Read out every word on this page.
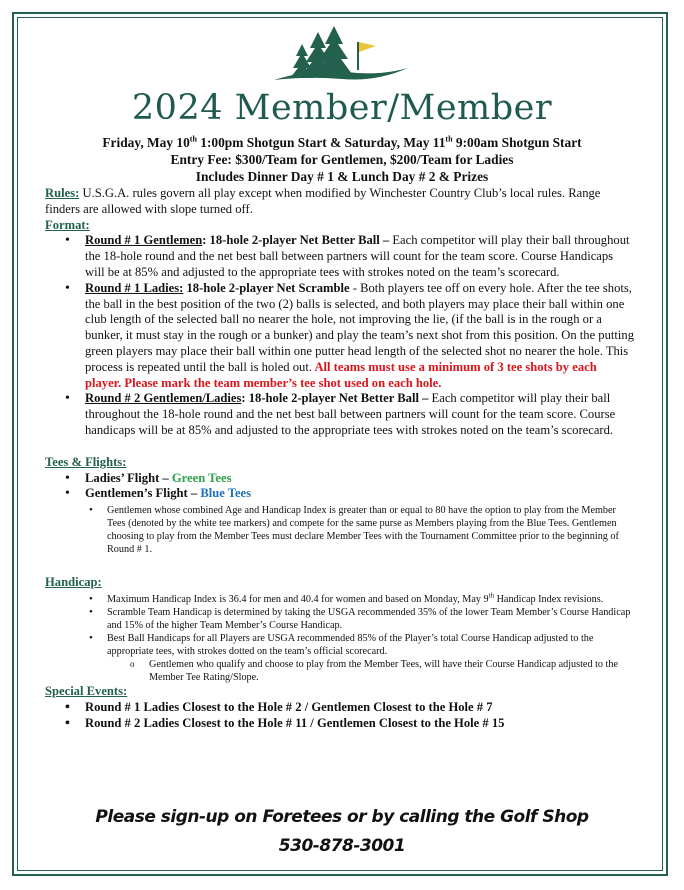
2024 Member/Member
Friday, May 10th 1:00pm Shotgun Start & Saturday, May 11th 9:00am Shotgun Start
Entry Fee: $300/Team for Gentlemen, $200/Team for Ladies
Includes Dinner Day # 1 & Lunch Day # 2 & Prizes
Rules: U.S.G.A. rules govern all play except when modified by Winchester Country Club’s local rules. Range finders are allowed with slope turned off.
Format:
• Round # 1 Gentlemen: 18-hole 2-player Net Better Ball – Each competitor will play their ball throughout the 18-hole round and the net best ball between partners will count for the team score. Course Handicaps will be at 85% and adjusted to the appropriate tees with strokes noted on the team’s scorecard.
• Round # 1 Ladies: 18-hole 2-player Net Scramble - Both players tee off on every hole. After the tee shots, the ball in the best position of the two (2) balls is selected, and both players may place their ball within one club length of the selected ball no nearer the hole, not improving the lie, (if the ball is in the rough or a bunker, it must stay in the rough or a bunker) and play the team’s next shot from this position. On the putting green players may place their ball within one putter head length of the selected shot no nearer the hole. This process is repeated until the ball is holed out. All teams must use a minimum of 3 tee shots by each player. Please mark the team member’s tee shot used on each hole.
• Round # 2 Gentlemen/Ladies: 18-hole 2-player Net Better Ball – Each competitor will play their ball throughout the 18-hole round and the net best ball between partners will count for the team score. Course handicaps will be at 85% and adjusted to the appropriate tees with strokes noted on the team’s scorecard.
Tees & Flights:
• Ladies’ Flight – Green Tees
• Gentlemen’s Flight – Blue Tees
• Gentlemen whose combined Age and Handicap Index is greater than or equal to 80 have the option to play from the Member Tees (denoted by the white tee markers) and compete for the same purse as Members playing from the Blue Tees. Gentlemen choosing to play from the Member Tees must declare Member Tees with the Tournament Committee prior to the beginning of Round # 1.
Handicap:
• Maximum Handicap Index is 36.4 for men and 40.4 for women and based on Monday, May 9th Handicap Index revisions.
• Scramble Team Handicap is determined by taking the USGA recommended 35% of the lower Team Member’s Course Handicap and 15% of the higher Team Member’s Course Handicap.
• Best Ball Handicaps for all Players are USGA recommended 85% of the Player’s total Course Handicap adjusted to the appropriate tees, with strokes dotted on the team’s official scorecard.
o Gentlemen who qualify and choose to play from the Member Tees, will have their Course Handicap adjusted to the Member Tee Rating/Slope.
Special Events:
• Round # 1 Ladies Closest to the Hole # 2 / Gentlemen Closest to the Hole # 7
• Round # 2 Ladies Closest to the Hole # 11 / Gentlemen Closest to the Hole # 15
Please sign-up on Foretees or by calling the Golf Shop
530-878-3001
